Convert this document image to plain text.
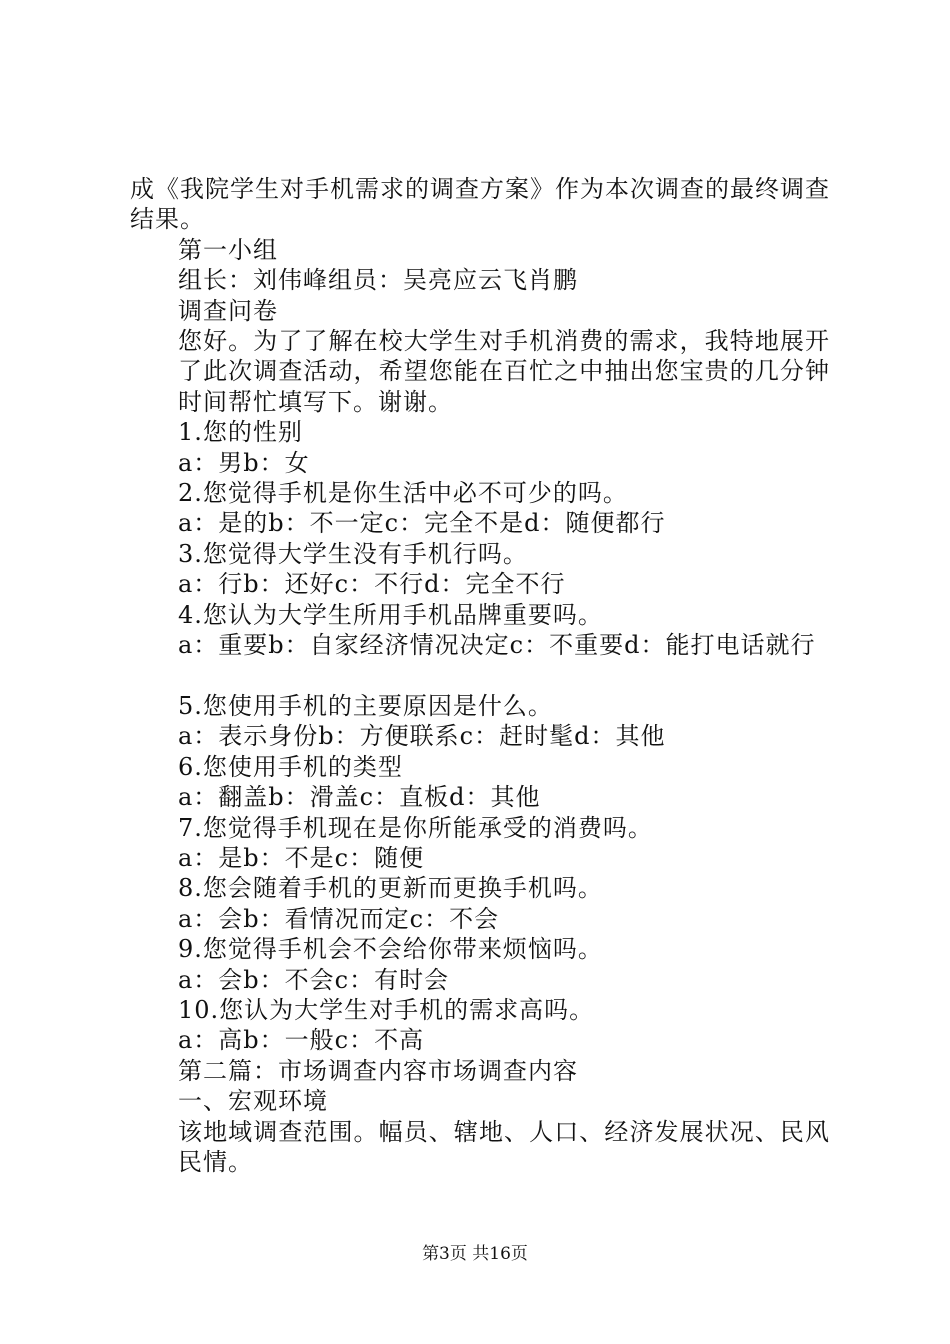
成《我院学生对手机需求的调查方案》作为本次调查的最终调查结果。
第一小组
组长：刘伟峰组员：吴亮应云飞肖鹏
调查问卷
您好。为了了解在校大学生对手机消费的需求，我特地展开了此次调查活动，希望您能在百忙之中抽出您宝贵的几分钟时间帮忙填写下。谢谢。
1.您的性别
a：男b：女
2.您觉得手机是你生活中必不可少的吗。
a：是的b：不一定c：完全不是d：随便都行
3.您觉得大学生没有手机行吗。
a：行b：还好c：不行d：完全不行
4.您认为大学生所用手机品牌重要吗。
a：重要b：自家经济情况决定c：不重要d：能打电话就行
5.您使用手机的主要原因是什么。
a：表示身份b：方便联系c：赶时髦d：其他
6.您使用手机的类型
a：翻盖b：滑盖c：直板d：其他
7.您觉得手机现在是你所能承受的消费吗。
a：是b：不是c：随便
8.您会随着手机的更新而更换手机吗。
a：会b：看情况而定c：不会
9.您觉得手机会不会给你带来烦恼吗。
a：会b：不会c：有时会
10.您认为大学生对手机的需求高吗。
a：高b：一般c：不高
第二篇：市场调查内容市场调查内容
一、宏观环境
该地域调查范围。幅员、辖地、人口、经济发展状况、民风民情。
第3页 共16页
